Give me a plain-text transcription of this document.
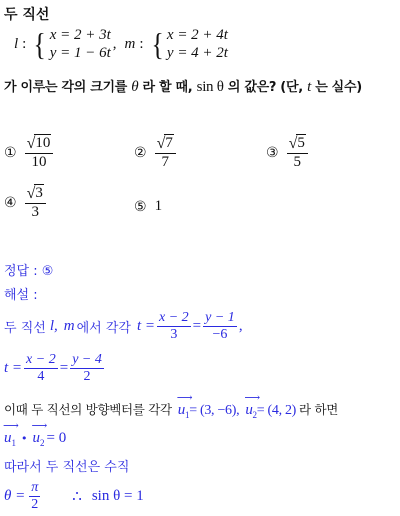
두 직선
l : { x = 2 + 3t
y = 1 − 6t
, m : { x = 2 + 4t
y = 4 + 2t
가 이루는 각의 크기를 θ 라 할 때, sin θ 의 값은? (단, t 는 실수)
① $\frac{√ 10}{10}$	② $\frac{√ 7}{7}$	③ $\frac{√ 5}{5}$
④ $\frac{√ 3}{3}$	⑤ 1
정답 : ⑤
해설 :
두 직선 l, m 에서 각각 $t = \frac{x - 2}{3} = \frac{y - 1}{-6}$ ,
$t = \frac{x - 2}{4} = \frac{y - 4}{2}$
이때 두 직선의 방향벡터를 각각 ⟶ $u_1 = (3$, −6), ⟶ $u_2 = (4$, 2) 라 하면
⟶ $u_1$ • ⟶ $u_2 = 0$
따라서 두 직선은 수직
$\theta = \frac{\pi}{2}$ ∴ sin θ = 1
